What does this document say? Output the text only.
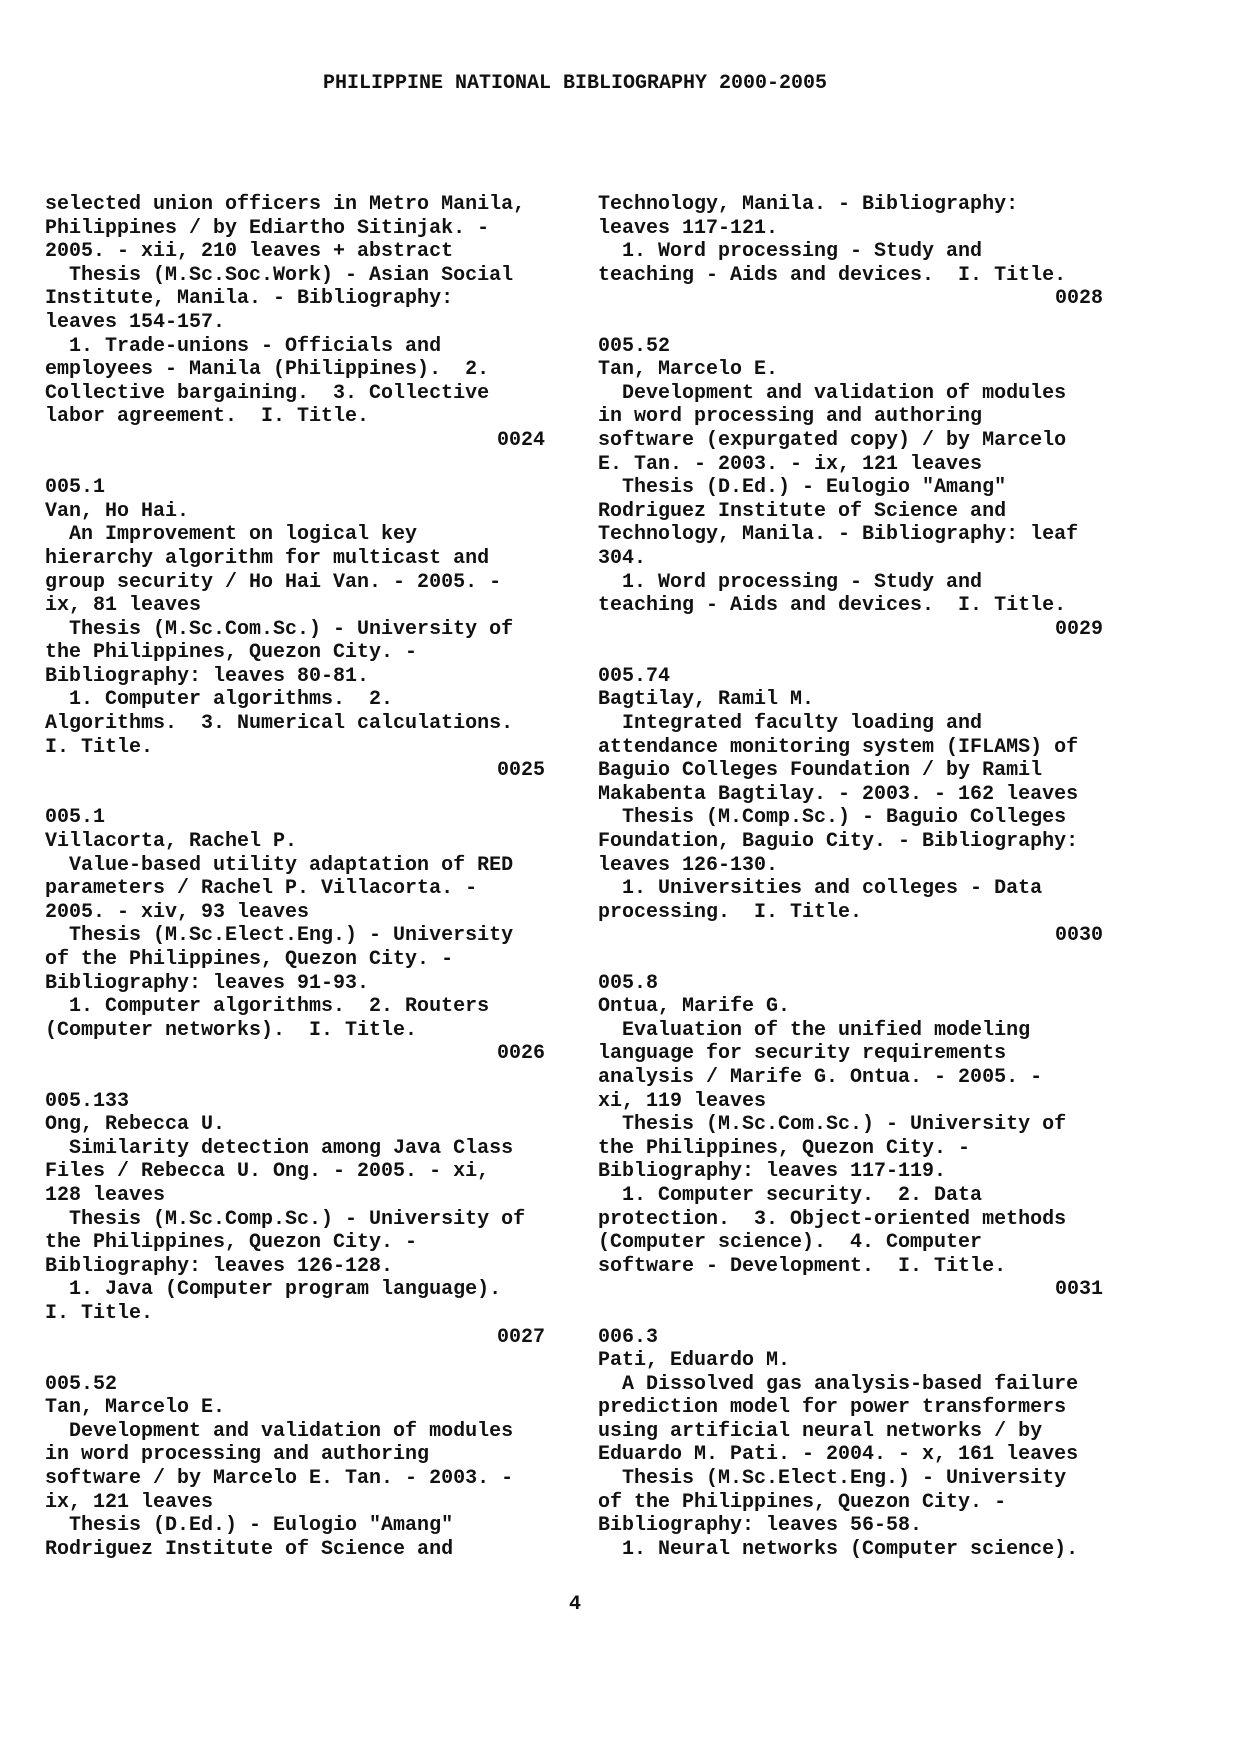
PHILIPPINE NATIONAL BIBLIOGRAPHY 2000-2005
selected union officers in Metro Manila,
Philippines / by Ediartho Sitinjak. -
2005. - xii, 210 leaves + abstract
Thesis (M.Sc.Soc.Work) - Asian Social
Institute, Manila. - Bibliography:
leaves 154-157.
1. Trade-unions - Officials and
employees - Manila (Philippines).  2.
Collective bargaining.  3. Collective
labor agreement.  I. Title.
0024
005.1
Van, Ho Hai.
An Improvement on logical key
hierarchy algorithm for multicast and
group security / Ho Hai Van. - 2005. -
ix, 81 leaves
Thesis (M.Sc.Com.Sc.) - University of
the Philippines, Quezon City. -
Bibliography: leaves 80-81.
1. Computer algorithms.  2.
Algorithms.  3. Numerical calculations.
I. Title.
0025
005.1
Villacorta, Rachel P.
Value-based utility adaptation of RED
parameters / Rachel P. Villacorta. -
2005. - xiv, 93 leaves
Thesis (M.Sc.Elect.Eng.) - University
of the Philippines, Quezon City. -
Bibliography: leaves 91-93.
1. Computer algorithms.  2. Routers
(Computer networks).  I. Title.
0026
005.133
Ong, Rebecca U.
Similarity detection among Java Class
Files / Rebecca U. Ong. - 2005. - xi,
128 leaves
Thesis (M.Sc.Comp.Sc.) - University of
the Philippines, Quezon City. -
Bibliography: leaves 126-128.
1. Java (Computer program language).
I. Title.
0027
005.52
Tan, Marcelo E.
Development and validation of modules
in word processing and authoring
software / by Marcelo E. Tan. - 2003. -
ix, 121 leaves
Thesis (D.Ed.) - Eulogio "Amang"
Rodriguez Institute of Science and
Technology, Manila. - Bibliography:
leaves 117-121.
1. Word processing - Study and
teaching - Aids and devices.  I. Title.
0028
005.52
Tan, Marcelo E.
Development and validation of modules
in word processing and authoring
software (expurgated copy) / by Marcelo
E. Tan. - 2003. - ix, 121 leaves
Thesis (D.Ed.) - Eulogio "Amang"
Rodriguez Institute of Science and
Technology, Manila. - Bibliography: leaf
304.
1. Word processing - Study and
teaching - Aids and devices.  I. Title.
0029
005.74
Bagtilay, Ramil M.
Integrated faculty loading and
attendance monitoring system (IFLAMS) of
Baguio Colleges Foundation / by Ramil
Makabenta Bagtilay. - 2003. - 162 leaves
Thesis (M.Comp.Sc.) - Baguio Colleges
Foundation, Baguio City. - Bibliography:
leaves 126-130.
1. Universities and colleges - Data
processing.  I. Title.
0030
005.8
Ontua, Marife G.
Evaluation of the unified modeling
language for security requirements
analysis / Marife G. Ontua. - 2005. -
xi, 119 leaves
Thesis (M.Sc.Com.Sc.) - University of
the Philippines, Quezon City. -
Bibliography: leaves 117-119.
1. Computer security.  2. Data
protection.  3. Object-oriented methods
(Computer science).  4. Computer
software - Development.  I. Title.
0031
006.3
Pati, Eduardo M.
A Dissolved gas analysis-based failure
prediction model for power transformers
using artificial neural networks / by
Eduardo M. Pati. - 2004. - x, 161 leaves
Thesis (M.Sc.Elect.Eng.) - University
of the Philippines, Quezon City. -
Bibliography: leaves 56-58.
1. Neural networks (Computer science).
4
